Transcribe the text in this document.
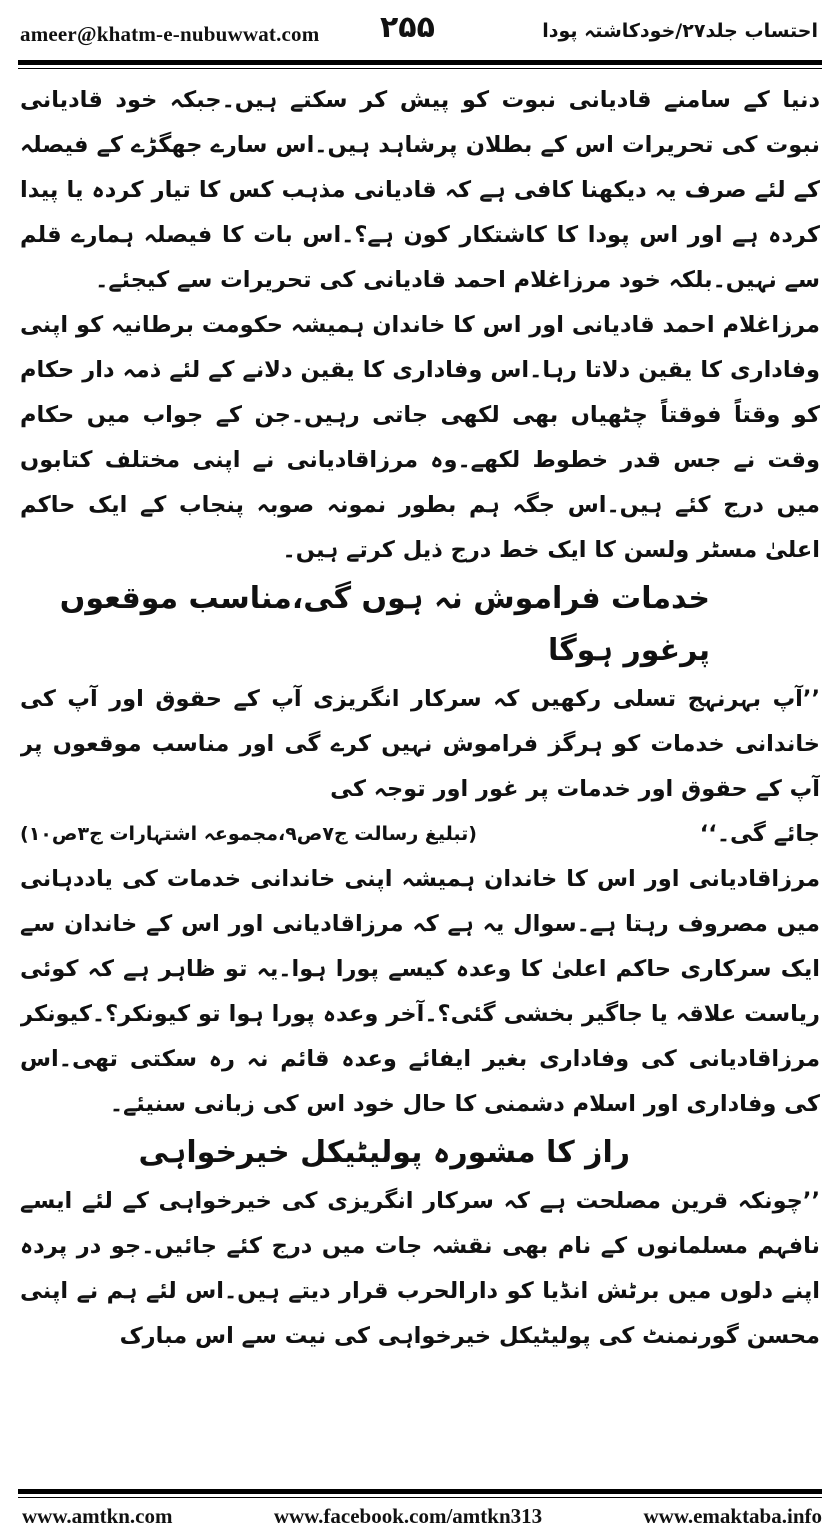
ameer@khatm-e-nubuwwat.com ۲۵۵	احتساب جلد۲۷/خودکاشتہ پودا

دنیا کے سامنے قادیانی نبوت کو پیش کر سکتے ہیں۔جبکہ خود قادیانی نبوت کی تحریرات اس کے بطلان پرشاہد ہیں۔اس سارے جھگڑے کے فیصلہ کے لئے صرف یہ دیکھنا کافی ہے کہ قادیانی مذہب کس کا تیار کردہ یا پیدا کردہ ہے اور اس پودا کا کاشتکار کون ہے؟۔اس بات کا فیصلہ ہمارے قلم سے نہیں۔بلکہ خود مرزاغلام احمد قادیانی کی تحریرات سے کیجئے۔

مرزاغلام احمد قادیانی اور اس کا خاندان ہمیشہ حکومت برطانیہ کو اپنی وفاداری کا یقین دلاتا رہا۔اس وفاداری کا یقین دلانے کے لئے ذمہ دار حکام کو وقتاً فوقتاً چٹھیاں بھی لکھی جاتی رہیں۔جن کے جواب میں حکام وقت نے جس قدر خطوط لکھے۔وہ مرزاقادیانی نے اپنی مختلف کتابوں میں درج کئے ہیں۔اس جگہ ہم بطور نمونہ صوبہ پنجاب کے ایک حاکم اعلیٰ مسٹر ولسن کا ایک خط درج ذیل کرتے ہیں۔

خدمات فراموش نہ ہوں گی،مناسب موقعوں پرغور ہوگا

’’آپ بہرنہج تسلی رکھیں کہ سرکار انگریزی آپ کے حقوق اور آپ کی خاندانی خدمات کو ہرگز فراموش نہیں کرے گی اور مناسب موقعوں پر آپ کے حقوق اور خدمات پر غور اور توجہ کی

جائے گی۔‘‘
(تبلیغ رسالت ج۷ص۹،مجموعہ اشتہارات ج۳ص۱۰)

مرزاقادیانی اور اس کا خاندان ہمیشہ اپنی خاندانی خدمات کی یاددہانی میں مصروف رہتا ہے۔سوال یہ ہے کہ مرزاقادیانی اور اس کے خاندان سے ایک سرکاری حاکم اعلیٰ کا وعدہ کیسے پورا ہوا۔یہ تو ظاہر ہے کہ کوئی ریاست علاقہ یا جاگیر بخشی گئی؟۔آخر وعدہ پورا ہوا تو کیونکر؟۔کیونکر مرزاقادیانی کی وفاداری بغیر ایفائے وعدہ قائم نہ رہ سکتی تھی۔اس کی وفاداری اور اسلام دشمنی کا حال خود اس کی زبانی سنیئے۔

راز کا مشورہ پولیٹیکل خیرخواہی

’’چونکہ قرین مصلحت ہے کہ سرکار انگریزی کی خیرخواہی کے لئے ایسے نافہم مسلمانوں کے نام بھی نقشہ جات میں درج کئے جائیں۔جو در پردہ اپنے دلوں میں برٹش انڈیا کو دارالحرب قرار دیتے ہیں۔اس لئے ہم نے اپنی محسن گورنمنٹ کی پولیٹیکل خیرخواہی کی نیت سے اس مبارک

www.amtkn.com	www.facebook.com/amtkn313	www.emaktaba.info
